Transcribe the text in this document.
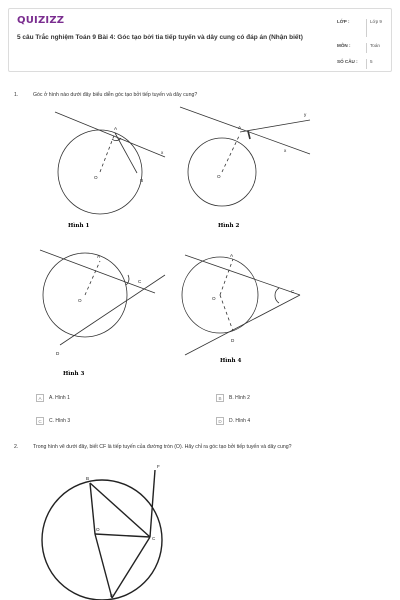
QUIZIZZ
5 câu Trắc nghiệm Toán 9 Bài 4: Góc tạo bởi tia tiếp tuyến và dây cung có đáp án (Nhận biết)
LỚP :	Lớp 9
MÔN :	Toán
SỐ CÂU :	5
1.	Góc ở hình nào dưới đây biểu diễn góc tạo bởi tiếp tuyến và dây cung?
A
B
O
x
Hình 1
A
O
y
x
Hình 2
A
C
O
D
Hình 3
A
O
C
D
Hình 4
A	A. Hình 1	B	B. Hình 2
C	C. Hình 3	D	D. Hình 4
2.	Trong hình vẽ dưới đây, biết CF là tiếp tuyến của đường tròn (O). Hãy chỉ ra góc tạo bởi tiếp tuyến và dây cung?
F
B
O
C
E
